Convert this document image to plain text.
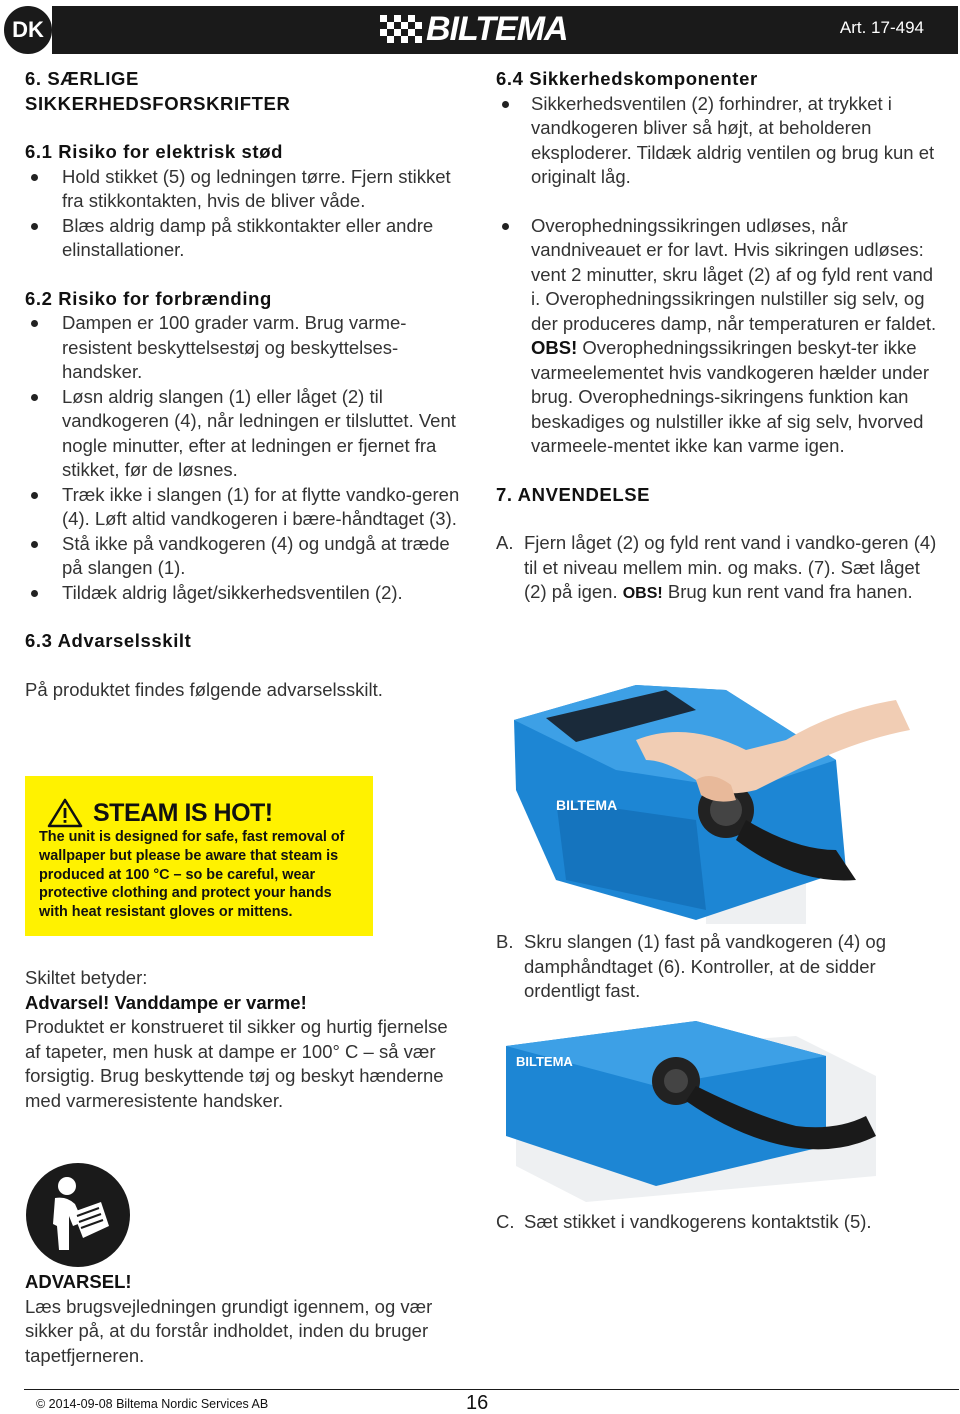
DK	BILTEMA	Art. 17-494
6. SÆRLIGE SIKKERHEDSFORSKRIFTER
6.1 Risiko for elektrisk stød
Hold stikket (5) og ledningen tørre. Fjern stikket fra stikkontakten, hvis de bliver våde.
Blæs aldrig damp på stikkontakter eller andre elinstallationer.
6.2 Risiko for forbrænding
Dampen er 100 grader varm. Brug varme-resistent beskyttelsestøj og beskyttelses-handsker.
Løsn aldrig slangen (1) eller låget (2) til vandkogeren (4), når ledningen er tilsluttet. Vent nogle minutter, efter at ledningen er fjernet fra stikket, før de løsnes.
Træk ikke i slangen (1) for at flytte vandko-geren (4). Løft altid vandkogeren i bære-håndtaget (3).
Stå ikke på vandkogeren (4) og undgå at træde på slangen (1).
Tildæk aldrig låget/sikkerhedsventilen (2).
6.3 Advarselsskilt

På produktet findes følgende advarselsskilt.

STEAM IS HOT!
The unit is designed for safe, fast removal of wallpaper but please be aware that steam is produced at 100 °C – so be careful, wear protective clothing and protect your hands with heat resistant gloves or mittens.

Skiltet betyder:

Advarsel! Vanddampe er varme!

Produktet er konstrueret til sikker og hurtig fjernelse af tapeter, men husk at dampe er 100° C – så vær forsigtig. Brug beskyttende tøj og beskyt hænderne med varmeresistente handsker.

ADVARSEL!

Læs brugsvejledningen grundigt igennem, og vær sikker på, at du forstår indholdet, inden du bruger tapetfjerneren.

6.4 Sikkerhedskomponenter
Sikkerhedsventilen (2) forhindrer, at trykket i vandkogeren bliver så højt, at beholderen eksploderer. Tildæk aldrig ventilen og brug kun et originalt låg.
Overophedningssikringen udløses, når vandniveauet er for lavt. Hvis sikringen udløses: vent 2 minutter, skru låget (2) af og fyld rent vand i. Overophedningssikringen nulstiller sig selv, og der produceres damp, når temperaturen er faldet. OBS! Overophedningssikringen beskyt-ter ikke varmeelementet hvis vandkogeren hælder under brug. Overophednings-sikringens funktion kan beskadiges og nulstiller ikke af sig selv, hvorved varmeele-mentet ikke kan varme igen.
7. ANVENDELSE
A. Fjern låget (2) og fyld rent vand i vandko-geren (4) til et niveau mellem min. og maks. (7). Sæt låget (2) på igen. OBS! Brug kun rent vand fra hanen.
BILTEMA
B. Skru slangen (1) fast på vandkogeren (4) og damphåndtaget (6). Kontroller, at de sidder ordentligt fast.
BILTEMA
C. Sæt stikket i vandkogerens kontaktstik (5).
© 2014-09-08 Biltema Nordic Services AB	16
